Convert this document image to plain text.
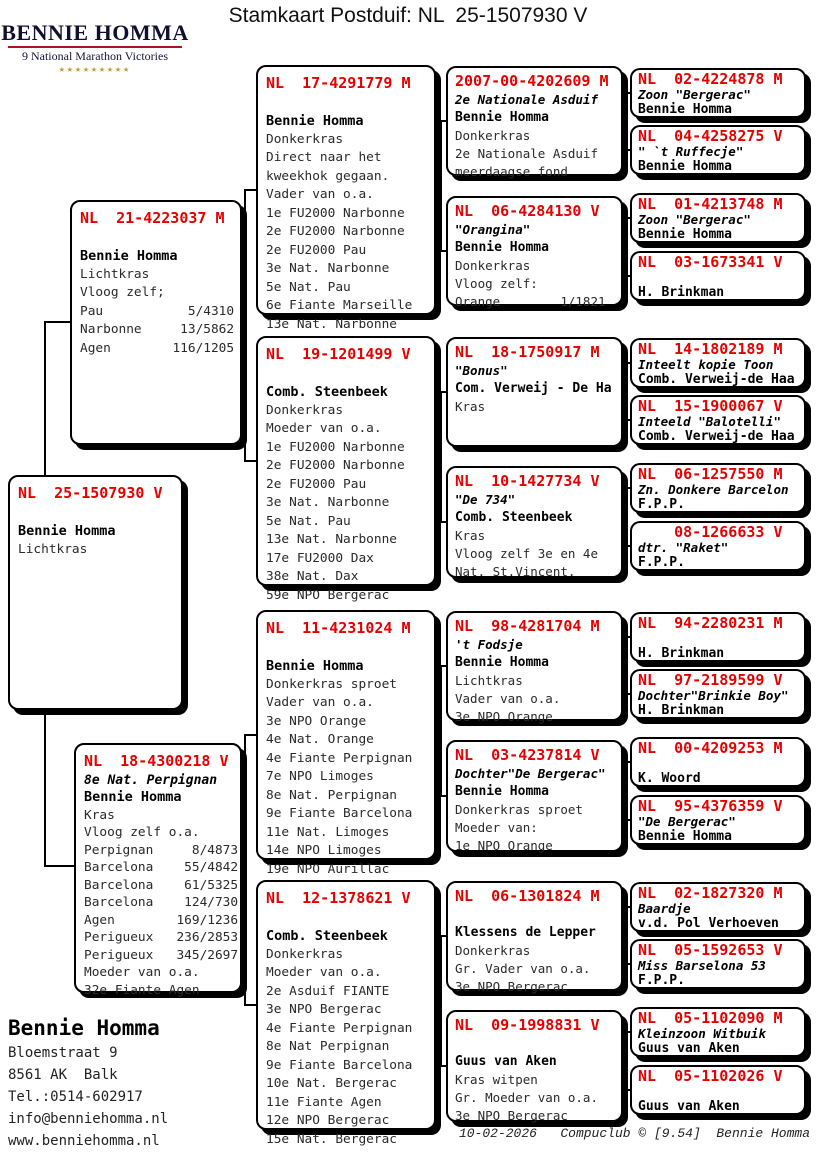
Stamkaart Postduif: NL  25-1507930 V
BENNIE HOMMA
9 National Marathon Victories
★★★★★★★★★
NL  21-4223037 M
Bennie Homma
Lichtkras
Vloog zelf;
Pau           5/4310
Narbonne     13/5862
Agen        116/1205
NL  25-1507930 V
Bennie Homma
Lichtkras
NL  18-4300218 V
8e Nat. Perpignan
Bennie Homma
Kras
Vloog zelf o.a.
Perpignan     8/4873
Barcelona    55/4842
Barcelona    61/5325
Barcelona    124/730
Agen        169/1236
Perigueux   236/2853
Perigueux   345/2697
Moeder van o.a.
32e Fiante Agen
NL  17-4291779 M
Bennie Homma
Donkerkras
Direct naar het
kweekhok gegaan.
Vader van o.a.
1e FU2000 Narbonne
2e FU2000 Narbonne
2e FU2000 Pau
3e Nat. Narbonne
5e Nat. Pau
6e Fiante Marseille
13e Nat. Narbonne
NL  19-1201499 V
Comb. Steenbeek
Donkerkras
Moeder van o.a.
1e FU2000 Narbonne
2e FU2000 Narbonne
2e FU2000 Pau
3e Nat. Narbonne
5e Nat. Pau
13e Nat. Narbonne
17e FU2000 Dax
38e Nat. Dax
59e NPO Bergerac
NL  11-4231024 M
Bennie Homma
Donkerkras sproet
Vader van o.a.
3e NPO Orange
4e Nat. Orange
4e Fiante Perpignan
7e NPO Limoges
8e Nat. Perpignan
9e Fiante Barcelona
11e Nat. Limoges
14e NPO Limoges
19e NPO Aurillac
NL  12-1378621 V
Comb. Steenbeek
Donkerkras
Moeder van o.a.
2e Asduif FIANTE
3e NPO Bergerac
4e Fiante Perpignan
8e Nat Perpignan
9e Fiante Barcelona
10e Nat. Bergerac
11e Fiante Agen
12e NPO Bergerac
15e Nat. Bergerac
2007-00-4202609 M
2e Nationale Asduif
Bennie Homma
Donkerkras
2e Nationale Asduif
meerdaagse fond
NL  06-4284130 V
"Orangina"
Bennie Homma
Donkerkras
Vloog zelf:
Orange        1/1821
NL  18-1750917 M
"Bonus"
Com. Verweij - De Ha
Kras
NL  10-1427734 V
"De 734"
Comb. Steenbeek
Kras
Vloog zelf 3e en 4e
Nat. St.Vincent.
NL  98-4281704 M
't Fodsje
Bennie Homma
Lichtkras
Vader van o.a.
3e NPO Orange
NL  03-4237814 V
Dochter"De Bergerac"
Bennie Homma
Donkerkras sproet
Moeder van:
1e NPO Orange
NL  06-1301824 M
Klessens de Lepper
Donkerkras
Gr. Vader van o.a.
3e NPO Bergerac
NL  09-1998831 V
Guus van Aken
Kras witpen
Gr. Moeder van o.a.
3e NPO Bergerac
NL  02-4224878 M
Zoon "Bergerac"
Bennie Homma
NL  04-4258275 V
" `t Ruffecje"
Bennie Homma
NL  01-4213748 M
Zoon "Bergerac"
Bennie Homma
NL  03-1673341 V
H. Brinkman
NL  14-1802189 M
Inteelt kopie Toon
Comb. Verweij-de Haa
NL  15-1900067 V
Inteeld "Balotelli"
Comb. Verweij-de Haa
NL  06-1257550 M
Zn. Donkere Barcelon
F.P.P.
08-1266633 V
dtr. "Raket"
F.P.P.
NL  94-2280231 M
H. Brinkman
NL  97-2189599 V
Dochter"Brinkie Boy"
H. Brinkman
NL  00-4209253 M
K. Woord
NL  95-4376359 V
"De Bergerac"
Bennie Homma
NL  02-1827320 M
Baardje
v.d. Pol Verhoeven
NL  05-1592653 V
Miss Barselona 53
F.P.P.
NL  05-1102090 M
Kleinzoon Witbuik
Guus van Aken
NL  05-1102026 V
Guus van Aken
Bennie Homma
Bloemstraat 9
8561 AK  Balk
Tel.:0514-602917
info@benniehomma.nl
www.benniehomma.nl	10-02-2026   Compuclub © [9.54]  Bennie Homma
